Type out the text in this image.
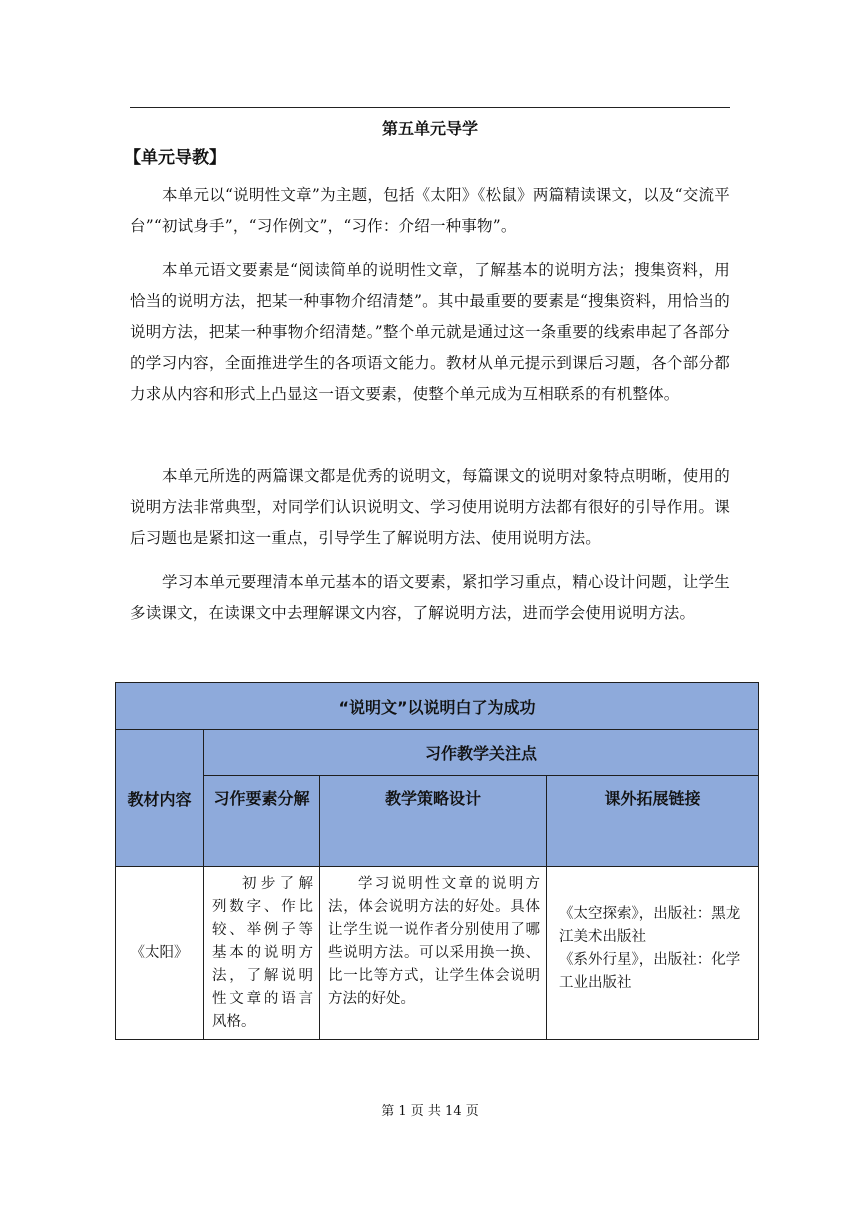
第五单元导学
【单元导教】

本单元以“说明性文章”为主题，包括《太阳》《松鼠》两篇精读课文，以及“交流平台”“初试身手”，“习作例文”，“习作：介绍一种事物”。

本单元语文要素是“阅读简单的说明性文章，了解基本的说明方法；搜集资料，用恰当的说明方法，把某一种事物介绍清楚”。其中最重要的要素是“搜集资料，用恰当的说明方法，把某一种事物介绍清楚。”整个单元就是通过这一条重要的线索串起了各部分的学习内容，全面推进学生的各项语文能力。教材从单元提示到课后习题，各个部分都力求从内容和形式上凸显这一语文要素，使整个单元成为互相联系的有机整体。

本单元所选的两篇课文都是优秀的说明文，每篇课文的说明对象特点明晰，使用的说明方法非常典型，对同学们认识说明文、学习使用说明方法都有很好的引导作用。课后习题也是紧扣这一重点，引导学生了解说明方法、使用说明方法。

学习本单元要理清本单元基本的语文要素，紧扣学习重点，精心设计问题，让学生多读课文，在读课文中去理解课文内容，了解说明方法，进而学会使用说明方法。

“说明文”以说明白了为成功			
教材内容	习作教学关注点		

	习作要素分解	教学策略设计	课外拓展链接
《太阳》	初步了解列数字、作比较、举例子等基本的说明方法，了解说明性文章的语言风格。	学习说明性文章的说明方法，体会说明方法的好处。具体让学生说一说作者分别使用了哪些说明方法。可以采用换一换、比一比等方式，让学生体会说明方法的好处。	《太空探索》，出版社：黑龙江美术出版社
《系外行星》，出版社：化学工业出版社
第 1 页 共 14 页
